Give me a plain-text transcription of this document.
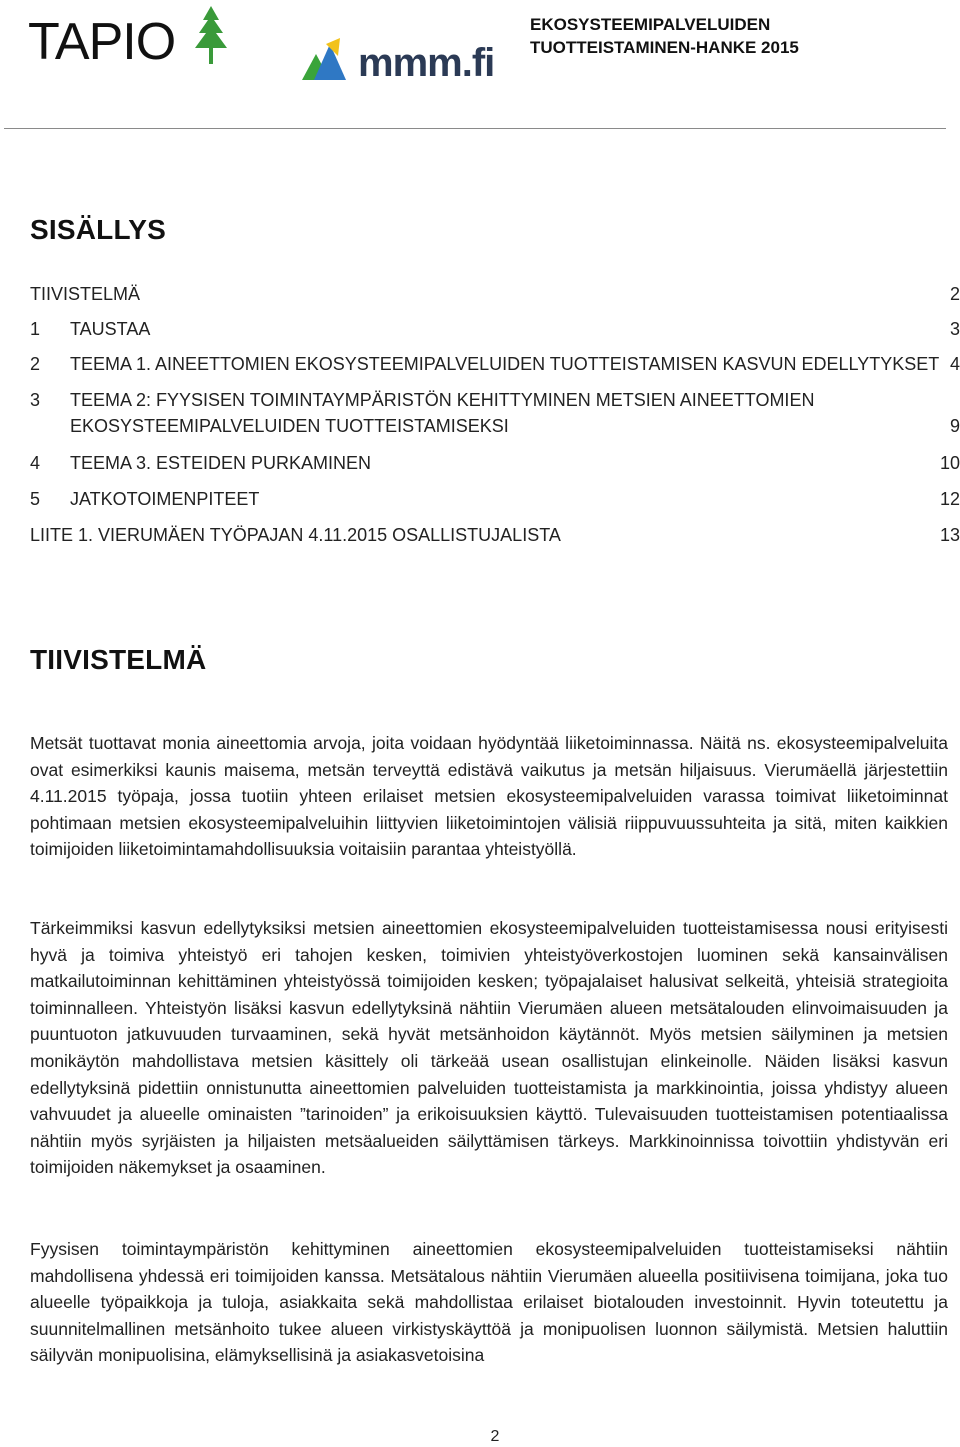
TAPIO	mmm.fi
EKOSYSTEEMIPALVELUIDEN
TUOTTEISTAMINEN-HANKE 2015
SISÄLLYS
TIIVISTELMÄ	2
1 TAUSTAA	3
2 TEEMA 1. AINEETTOMIEN EKOSYSTEEMIPALVELUIDEN TUOTTEISTAMISEN KASVUN EDELLYTYKSET 4
3 TEEMA 2: FYYSISEN TOIMINTAYMPÄRISTÖN KEHITTYMINEN METSIEN AINEETTOMIEN
EKOSYSTEEMIPALVELUIDEN TUOTTEISTAMISEKSI	9
4 TEEMA 3. ESTEIDEN PURKAMINEN	10
5 JATKOTOIMENPITEET	12
LIITE 1. VIERUMÄEN TYÖPAJAN 4.11.2015 OSALLISTUJALISTA	13
TIIVISTELMÄ

Metsät tuottavat monia aineettomia arvoja, joita voidaan hyödyntää liiketoiminnassa. Näitä ns. ekosysteemipalveluita ovat esimerkiksi kaunis maisema, metsän terveyttä edistävä vaikutus ja metsän hiljaisuus. Vierumäellä järjestettiin 4.11.2015 työpaja, jossa tuotiin yhteen erilaiset metsien ekosysteemipalveluiden varassa toimivat liiketoiminnat pohtimaan metsien ekosysteemipalveluihin liittyvien liiketoimintojen välisiä riippuvuussuhteita ja sitä, miten kaikkien toimijoiden liiketoimintamahdollisuuksia voitaisiin parantaa yhteistyöllä.

Tärkeimmiksi kasvun edellytyksiksi metsien aineettomien ekosysteemipalveluiden tuotteistamisessa nousi erityisesti hyvä ja toimiva yhteistyö eri tahojen kesken, toimivien yhteistyöverkostojen luominen sekä kansainvälisen matkailutoiminnan kehittäminen yhteistyössä toimijoiden kesken; työpajalaiset halusivat selkeitä, yhteisiä strategioita toiminnalleen. Yhteistyön lisäksi kasvun edellytyksinä nähtiin Vierumäen alueen metsätalouden elinvoimaisuuden ja puuntuoton jatkuvuuden turvaaminen, sekä hyvät metsänhoidon käytännöt. Myös metsien säilyminen ja metsien monikäytön mahdollistava metsien käsittely oli tärkeää usean osallistujan elinkeinolle. Näiden lisäksi kasvun edellytyksinä pidettiin onnistunutta aineettomien palveluiden tuotteistamista ja markkinointia, joissa yhdistyy alueen vahvuudet ja alueelle ominaisten ”tarinoiden” ja erikoisuuksien käyttö. Tulevaisuuden tuotteistamisen potentiaalissa nähtiin myös syrjäisten ja hiljaisten metsäalueiden säilyttämisen tärkeys. Markkinoinnissa toivottiin yhdistyvän eri toimijoiden näkemykset ja osaaminen.

Fyysisen toimintaympäristön kehittyminen aineettomien ekosysteemipalveluiden tuotteistamiseksi nähtiin mahdollisena yhdessä eri toimijoiden kanssa. Metsätalous nähtiin Vierumäen alueella positiivisena toimijana, joka tuo alueelle työpaikkoja ja tuloja, asiakkaita sekä mahdollistaa erilaiset biotalouden investoinnit. Hyvin toteutettu ja suunnitelmallinen metsänhoito tukee alueen virkistyskäyttöä ja monipuolisen luonnon säilymistä. Metsien haluttiin säilyvän monipuolisina, elämyksellisinä ja asiakasvetoisina

2
